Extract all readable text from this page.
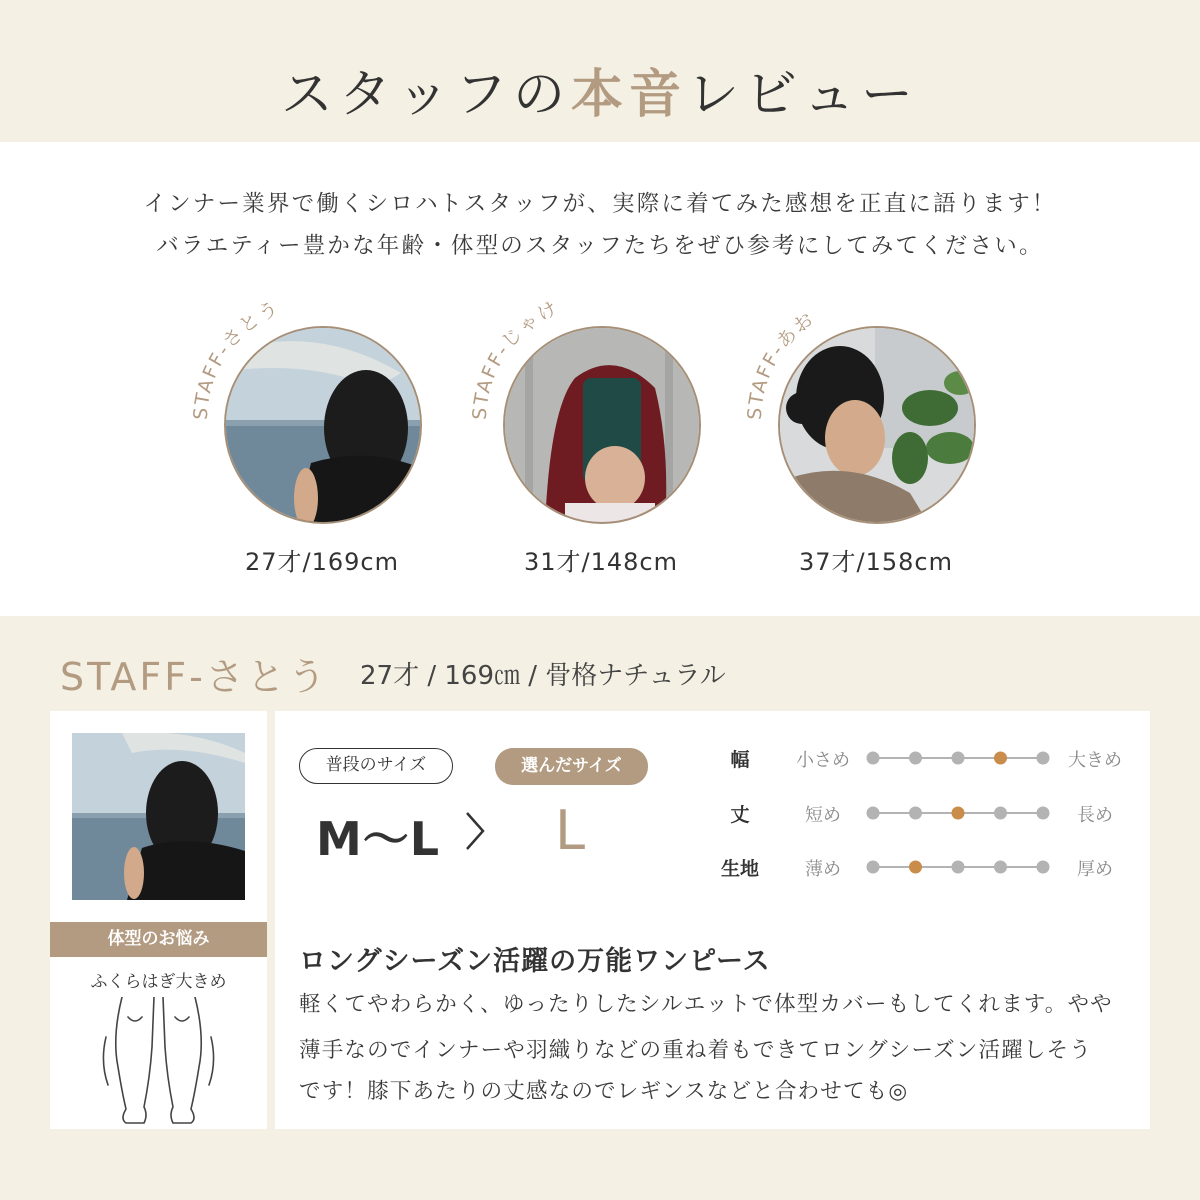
スタッフの本音レビュー
インナー業界で働くシロハトスタッフが、実際に着てみた感想を正直に語ります！
バラエティー豊かな年齢・体型のスタッフたちをぜひ参考にしてみてください。
STAFF-さとう
27才/169cm
STAFF-じゃけ
31才/148cm
STAFF-あお
37才/158cm
STAFF-さとう 27才 / 169㎝ / 骨格ナチュラル
体型のお悩み
ふくらはぎ大きめ
普段のサイズ	選んだサイズ
M〜L L
幅	小さめ	大きめ
丈	短め	長め
生地	薄め	厚め
ロングシーズン活躍の万能ワンピース
軽くてやわらかく、ゆったりしたシルエットで体型カバーもしてくれます。やや
薄手なのでインナーや羽織りなどの重ね着もできてロングシーズン活躍しそう
です！膝下あたりの丈感なのでレギンスなどと合わせても◎
